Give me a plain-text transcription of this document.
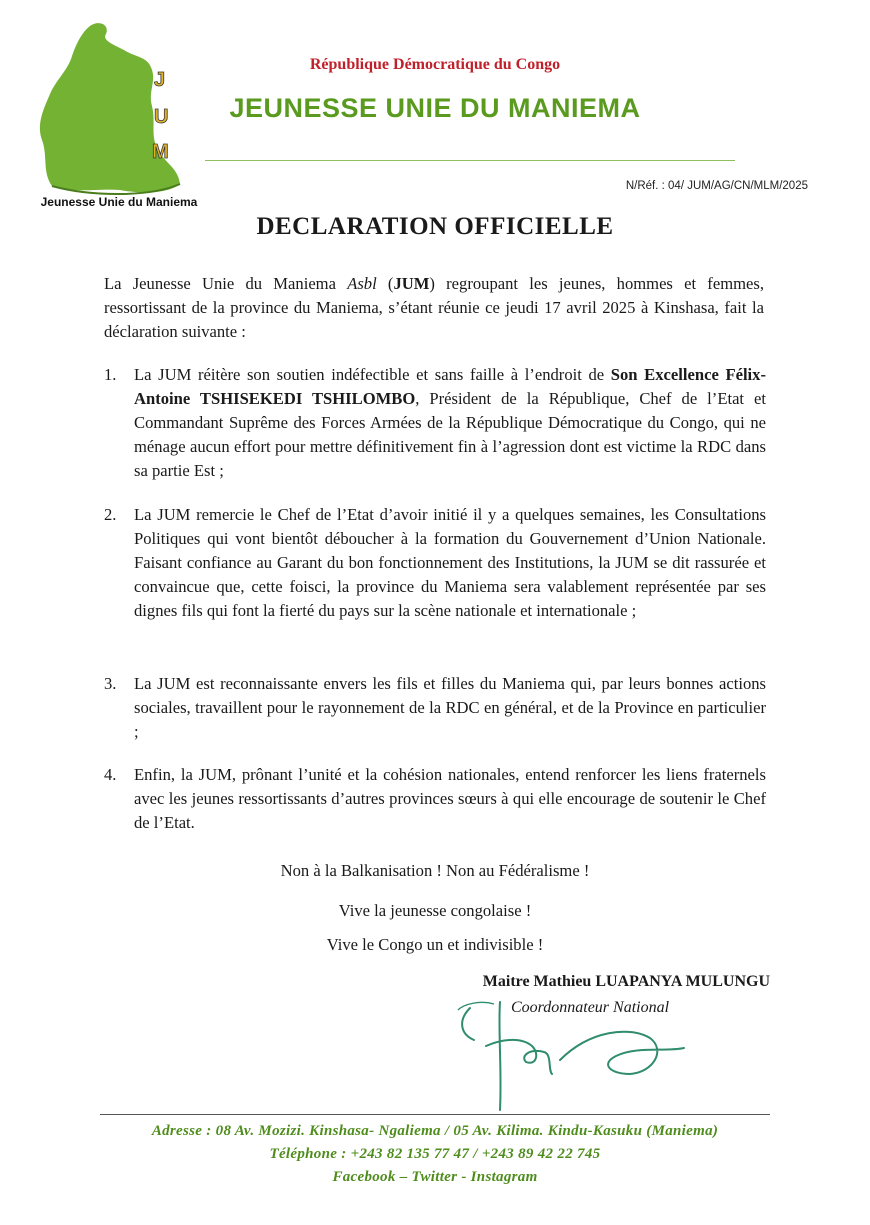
J
U
M
Jeunesse Unie du Maniema
République Démocratique du Congo
JEUNESSE UNIE DU MANIEMA
N/Réf. : 04/ JUM/AG/CN/MLM/2025
DECLARATION OFFICIELLE
La Jeunesse Unie du Maniema Asbl (JUM) regroupant les jeunes, hommes et femmes, ressortissant de la province du Maniema, s’étant réunie ce jeudi 17 avril 2025 à Kinshasa, fait la déclaration suivante :
1. La JUM réitère son soutien indéfectible et sans faille à l’endroit de Son Excellence Félix-Antoine TSHISEKEDI TSHILOMBO, Président de la République, Chef de l’Etat et Commandant Suprême des Forces Armées de la République Démocratique du Congo, qui ne ménage aucun effort pour mettre définitivement fin à l’agression dont est victime la RDC dans sa partie Est ;
2. La JUM remercie le Chef de l’Etat d’avoir initié il y a quelques semaines, les Consultations Politiques qui vont bientôt déboucher à la formation du Gouvernement d’Union Nationale. Faisant confiance au Garant du bon fonctionnement des Institutions, la JUM se dit rassurée et convaincue que, cette foisci, la province du Maniema sera valablement représentée par ses dignes fils qui font la fierté du pays sur la scène nationale et internationale ;
3. La JUM est reconnaissante envers les fils et filles du Maniema qui, par leurs bonnes actions sociales, travaillent pour le rayonnement de la RDC en général, et de la Province en particulier ;
4. Enfin, la JUM, prônant l’unité et la cohésion nationales, entend renforcer les liens fraternels avec les jeunes ressortissants d’autres provinces sœurs à qui elle encourage de soutenir le Chef de l’Etat.
Non à la Balkanisation ! Non au Fédéralisme !
Vive la jeunesse congolaise !
Vive le Congo un et indivisible !
Maitre Mathieu LUAPANYA MULUNGU
Coordonnateur National
Adresse : 08 Av. Mozizi. Kinshasa- Ngaliema / 05 Av. Kilima. Kindu-Kasuku (Maniema)
Téléphone : +243 82 135 77 47 / +243 89 42 22 745
Facebook – Twitter - Instagram
